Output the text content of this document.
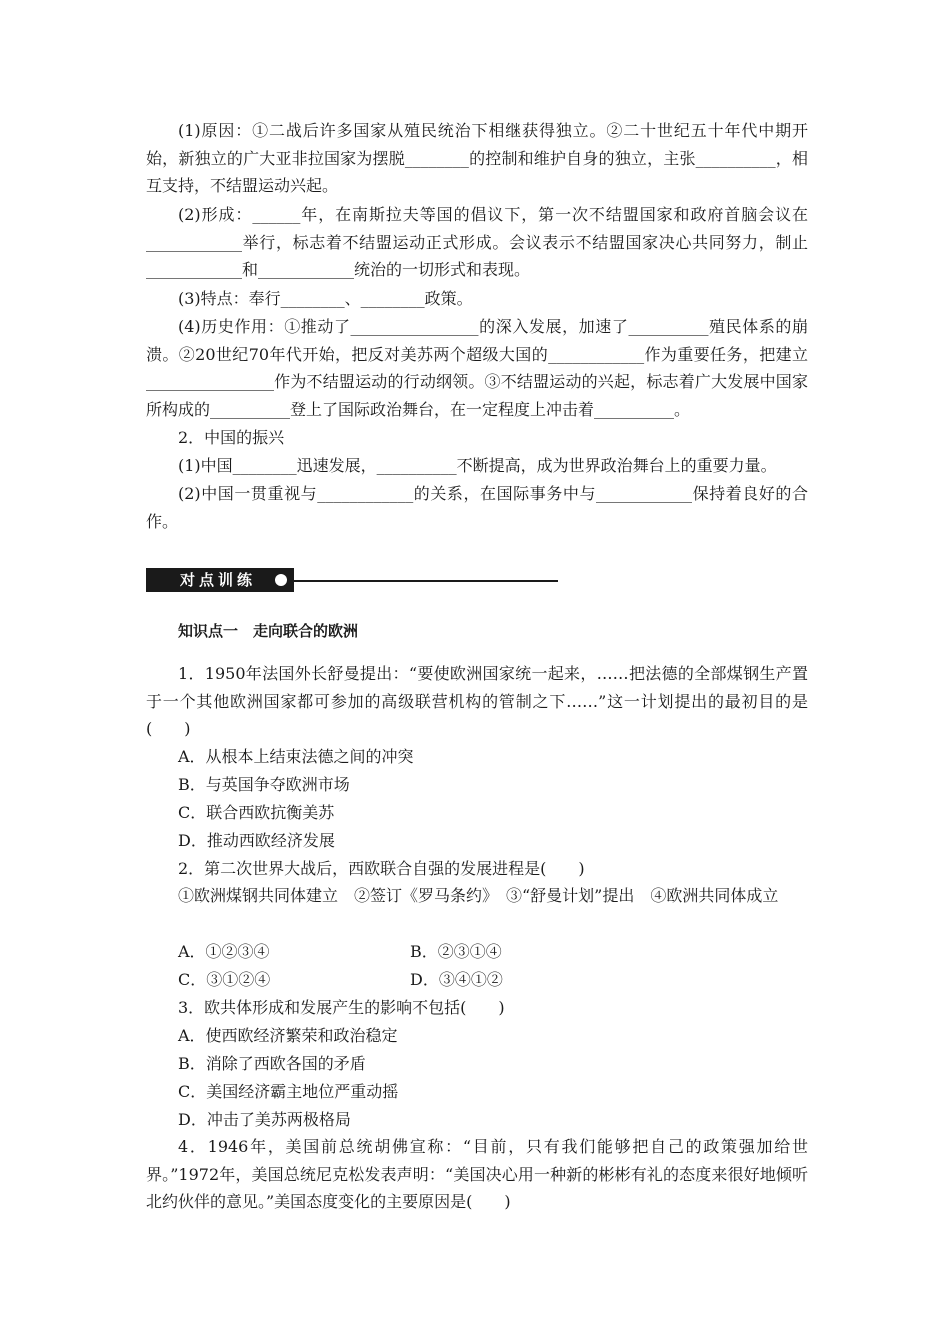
(1)原因：①二战后许多国家从殖民统治下相继获得独立。②二十世纪五十年代中期开始，新独立的广大亚非拉国家为摆脱________的控制和维护自身的独立，主张__________，相互支持，不结盟运动兴起。
(2)形成：______年，在南斯拉夫等国的倡议下，第一次不结盟国家和政府首脑会议在____________举行，标志着不结盟运动正式形成。会议表示不结盟国家决心共同努力，制止____________和____________统治的一切形式和表现。
(3)特点：奉行________、________政策。
(4)历史作用：①推动了________________的深入发展，加速了__________殖民体系的崩溃。②20世纪70年代开始，把反对美苏两个超级大国的____________作为重要任务，把建立________________作为不结盟运动的行动纲领。③不结盟运动的兴起，标志着广大发展中国家所构成的__________登上了国际政治舞台，在一定程度上冲击着__________。
2．中国的振兴
(1)中国________迅速发展，__________不断提高，成为世界政治舞台上的重要力量。
(2)中国一贯重视与____________的关系，在国际事务中与____________保持着良好的合作。
对点训练
知识点一　走向联合的欧洲
1．1950年法国外长舒曼提出：“要使欧洲国家统一起来，……把法德的全部煤钢生产置于一个其他欧洲国家都可参加的高级联营机构的管制之下……”这一计划提出的最初目的是(　　)
A．从根本上结束法德之间的冲突
B．与英国争夺欧洲市场
C．联合西欧抗衡美苏
D．推动西欧经济发展
2．第二次世界大战后，西欧联合自强的发展进程是(　　)
①欧洲煤钢共同体建立　②签订《罗马条约》　③“舒曼计划”提出　④欧洲共同体成立
A．①②③④	B．②③①④
C．③①②④	D．③④①②
3．欧共体形成和发展产生的影响不包括(　　)
A．使西欧经济繁荣和政治稳定
B．消除了西欧各国的矛盾
C．美国经济霸主地位严重动摇
D．冲击了美苏两极格局
4．1946年，美国前总统胡佛宣称：“目前，只有我们能够把自己的政策强加给世界。”1972年，美国总统尼克松发表声明：“美国决心用一种新的彬彬有礼的态度来很好地倾听北约伙伴的意见。”美国态度变化的主要原因是(　　)
